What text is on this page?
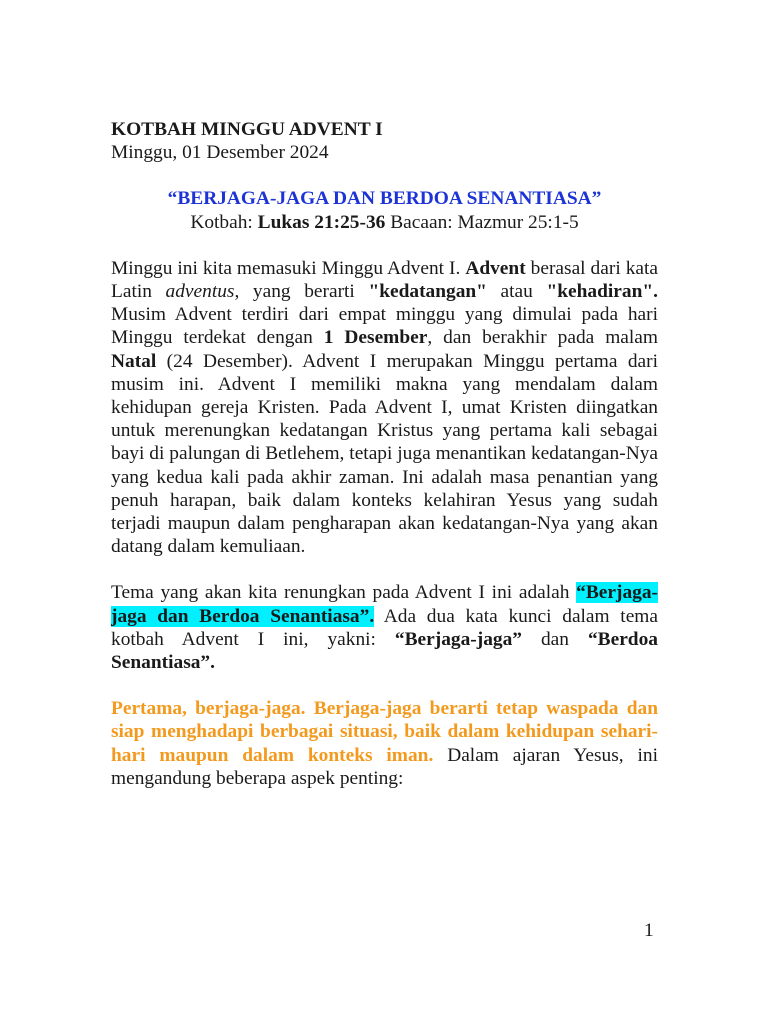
KOTBAH MINGGU ADVENT I
Minggu, 01 Desember 2024
“BERJAGA-JAGA DAN BERDOA SENANTIASA”
Kotbah: Lukas 21:25-36 Bacaan: Mazmur 25:1-5

Minggu ini kita memasuki Minggu Advent I. Advent berasal dari kata Latin adventus, yang berarti "kedatangan" atau "kehadiran". Musim Advent terdiri dari empat minggu yang dimulai pada hari Minggu terdekat dengan 1 Desember, dan berakhir pada malam Natal (24 Desember). Advent I merupakan Minggu pertama dari musim ini. Advent I memiliki makna yang mendalam dalam kehidupan gereja Kristen. Pada Advent I, umat Kristen diingatkan untuk merenungkan kedatangan Kristus yang pertama kali sebagai bayi di palungan di Betlehem, tetapi juga menantikan kedatangan-Nya yang kedua kali pada akhir zaman. Ini adalah masa penantian yang penuh harapan, baik dalam konteks kelahiran Yesus yang sudah terjadi maupun dalam pengharapan akan kedatangan-Nya yang akan datang dalam kemuliaan.

Tema yang akan kita renungkan pada Advent I ini adalah “Berjaga-jaga dan Berdoa Senantiasa”. Ada dua kata kunci dalam tema kotbah Advent I ini, yakni: “Berjaga-jaga” dan “Berdoa Senantiasa”.

Pertama, berjaga-jaga. Berjaga-jaga berarti tetap waspada dan siap menghadapi berbagai situasi, baik dalam kehidupan sehari-hari maupun dalam konteks iman. Dalam ajaran Yesus, ini mengandung beberapa aspek penting:

1
